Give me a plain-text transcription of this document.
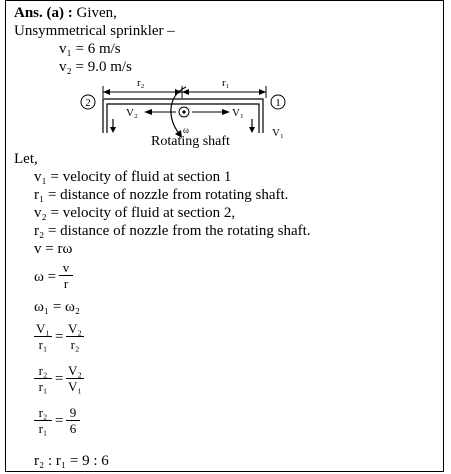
Ans. (a) : Given,
Unsymmetrical sprinkler –
v₁ = 6 m/s
v₂ = 9.0 m/s
r₂	r₁
2	1
V₂	V₁
V₁
ω
Rotating shaft
Let,
v₁ = velocity of fluid at section 1
r₁ = distance of nozzle from rotating shaft.
v₂ = velocity of fluid at section 2,
r₂ = distance of nozzle from the rotating shaft.
v = rω
$\omega = \frac{v}{r}$
ω₁ = ω₂
$\frac{\text{V₁}}{\text{r₁}} = \frac{\text{V₂}}{\text{r₂}}$
$\frac{\text{r₂}}{\text{r₁}} = \frac{\text{V₂}}{\text{V₁}}$
$\frac{\text{r₂}}{\text{r₁}} = \frac{9}{6}$
r₂ : r₁ = 9 : 6
